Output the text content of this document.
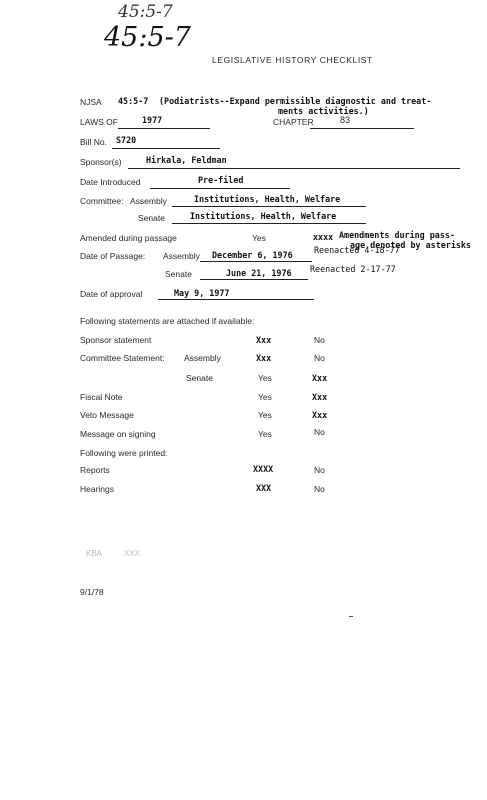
45:5-7
45:5-7
LEGISLATIVE HISTORY CHECKLIST
NJSA 45:5-7 (Podiatrists--Expand permissible diagnostic and treat-
ments activities.)
LAWS OF	1977	CHAPTER	83
Bill No. S720
Sponsor(s)	Hirkala, Feldman
Date Introduced	Pre-filed
Committee: Assembly	Institutions, Health, Welfare
Senate	Institutions, Health, Welfare
Amended during passage	Yes	xxxx Amendments during pass-
age denoted by asterisks
Reenacted 4-18-77
Date of Passage: Assembly December 6, 1976
Senate	June 21, 1976 Reenacted 2-17-77
Date of approval	May 9, 1977
Following statements are attached if available:
Sponsor statement	Xxx	No
Committee Statement: Assembly	Xxx	No
Senate	Yes	Xxx
Fiscal Note	Yes	Xxx
Veto Message	Yes	Xxx
Message on signing	Yes	No
Following were printed:
Reports	XXXX	No
Hearings	XXX	No
KBA	XXX
9/1/78
